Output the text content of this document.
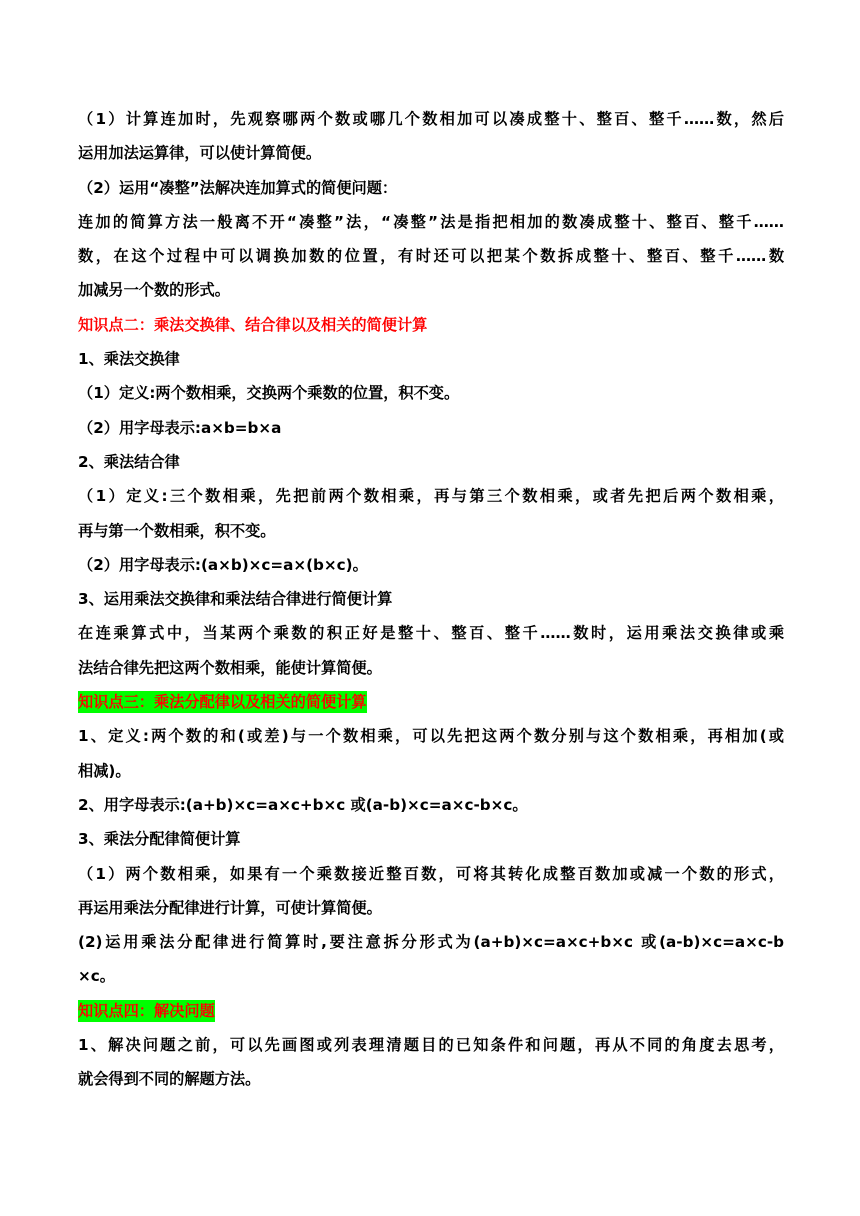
（1）计算连加时，先观察哪两个数或哪几个数相加可以凑成整十、整百、整千……数，然后
运用加法运算律，可以使计算简便。
（2）运用“凑整”法解决连加算式的简便问题：
连加的简算方法一般离不开“凑整”法，“凑整”法是指把相加的数凑成整十、整百、整千……
数，在这个过程中可以调换加数的位置，有时还可以把某个数拆成整十、整百、整千……数
加减另一个数的形式。
知识点二：乘法交换律、结合律以及相关的简便计算
1、乘法交换律
（1）定义:两个数相乘，交换两个乘数的位置，积不变。
（2）用字母表示:a×b=b×a
2、乘法结合律
（1）定义:三个数相乘，先把前两个数相乘，再与第三个数相乘，或者先把后两个数相乘，
再与第一个数相乘，积不变。
（2）用字母表示:(a×b)×c=a×(b×c)。
3、运用乘法交换律和乘法结合律进行简便计算
在连乘算式中，当某两个乘数的积正好是整十、整百、整千……数时，运用乘法交换律或乘
法结合律先把这两个数相乘，能使计算简便。
知识点三：乘法分配律以及相关的简便计算
1、定义:两个数的和(或差)与一个数相乘，可以先把这两个数分别与这个数相乘，再相加(或
相减)。
2、用字母表示:(a+b)×c=a×c+b×c 或(a-b)×c=a×c-b×c。
3、乘法分配律简便计算
（1）两个数相乘，如果有一个乘数接近整百数，可将其转化成整百数加或减一个数的形式，
再运用乘法分配律进行计算，可使计算简便。
(2)运用乘法分配律进行简算时,要注意拆分形式为(a+b)×c=a×c+b×c 或(a-b)×c=a×c-b
×c。
知识点四：解决问题
1、解决问题之前，可以先画图或列表理清题目的已知条件和问题，再从不同的角度去思考，
就会得到不同的解题方法。
